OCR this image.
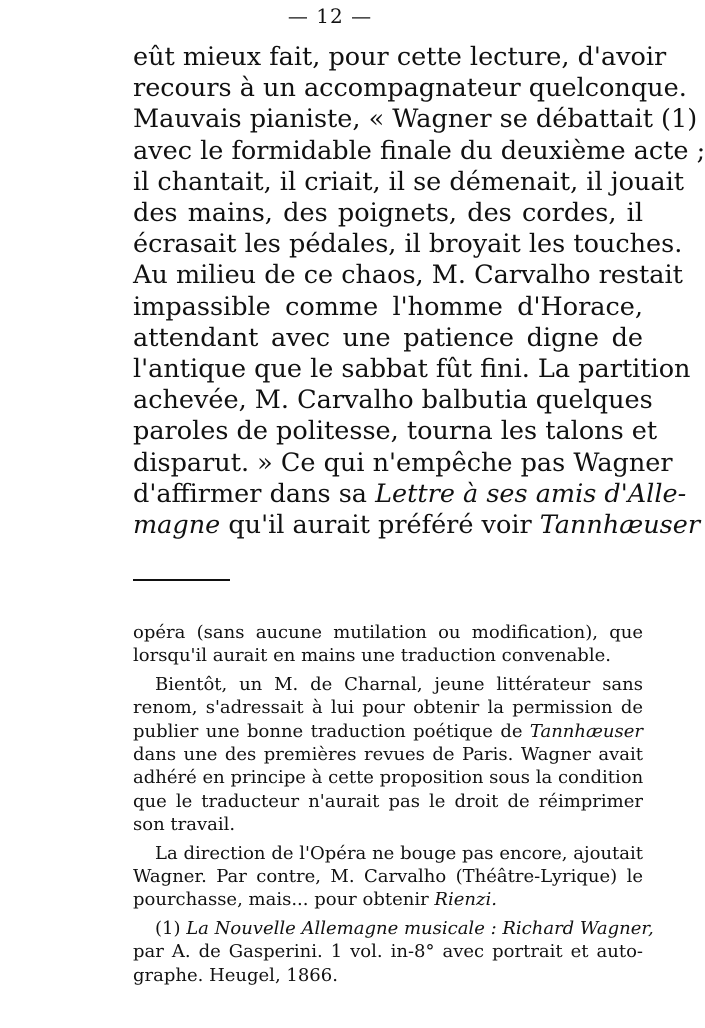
— 12 —
eût mieux fait, pour cette lecture, d'avoir
recours à un accompagnateur quelconque.
Mauvais pianiste, « Wagner se débattait (1)
avec le formidable finale du deuxième acte ;
il chantait, il criait, il se démenait, il jouait
des mains, des poignets, des cordes, il
écrasait les pédales, il broyait les touches.
Au milieu de ce chaos, M. Carvalho restait
impassible comme l'homme d'Horace,
attendant avec une patience digne de
l'antique que le sabbat fût fini. La partition
achevée, M. Carvalho balbutia quelques
paroles de politesse, tourna les talons et
disparut. » Ce qui n'empêche pas Wagner
d'affirmer dans sa Lettre à ses amis d'Alle-
magne qu'il aurait préféré voir Tannhæuser
opéra (sans aucune mutilation ou modification), que
lorsqu'il aurait en mains une traduction convenable.
Bientôt, un M. de Charnal, jeune littérateur sans
renom, s'adressait à lui pour obtenir la permission de
publier une bonne traduction poétique de Tannhæuser
dans une des premières revues de Paris. Wagner avait
adhéré en principe à cette proposition sous la condition
que le traducteur n'aurait pas le droit de réimprimer
son travail.
La direction de l'Opéra ne bouge pas encore, ajoutait
Wagner. Par contre, M. Carvalho (Théâtre-Lyrique) le
pourchasse, mais... pour obtenir Rienzi.
(1) La Nouvelle Allemagne musicale : Richard Wagner,
par A. de Gasperini. 1 vol. in-8° avec portrait et auto-
graphe. Heugel, 1866.
